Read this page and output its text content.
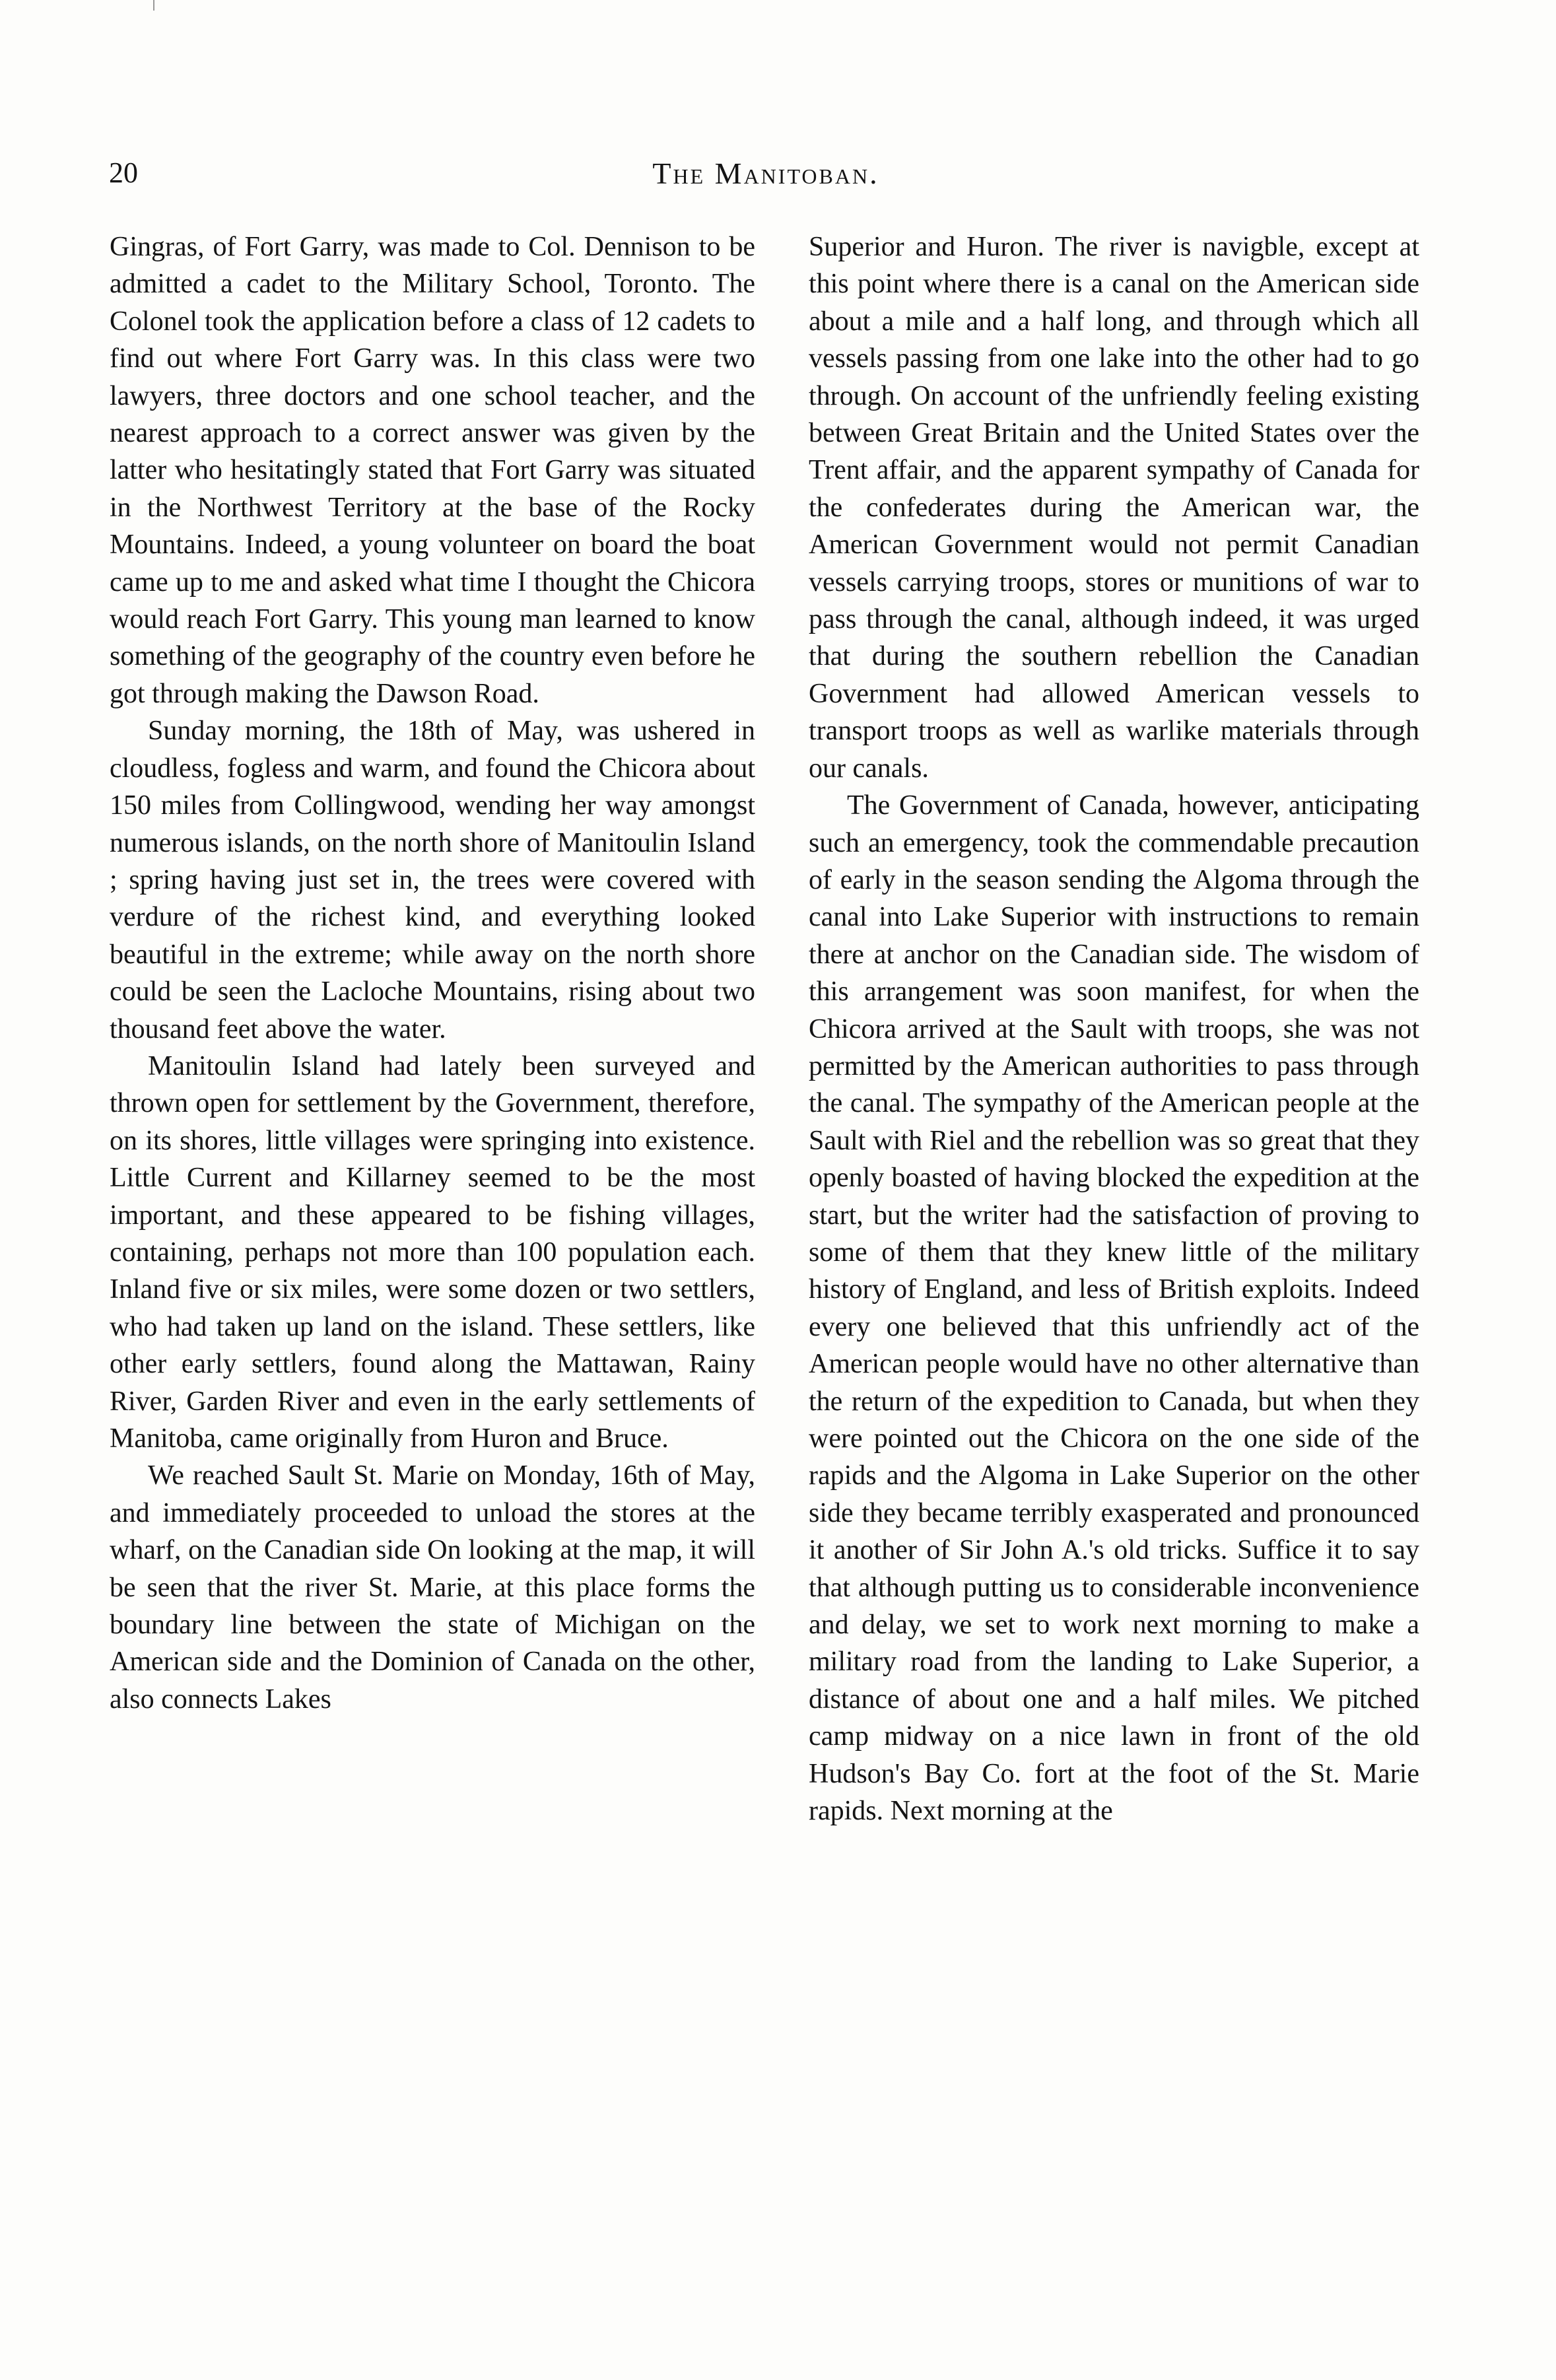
20	The Manitoban.

Gingras, of Fort Garry, was made to Col. Dennison to be admitted a cadet to the Military School, Toronto. The Colonel took the application before a class of 12 cadets to find out where Fort Garry was. In this class were two lawyers, three doctors and one school teacher, and the nearest approach to a correct answer was given by the latter who hesitatingly stated that Fort Garry was situated in the Northwest Territory at the base of the Rocky Mountains. Indeed, a young volunteer on board the boat came up to me and asked what time I thought the Chicora would reach Fort Garry. This young man learned to know something of the geography of the country even before he got through making the Dawson Road.

Sunday morning, the 18th of May, was ushered in cloudless, fogless and warm, and found the Chicora about 150 miles from Collingwood, wending her way amongst numerous islands, on the north shore of Manitoulin Island ; spring having just set in, the trees were covered with verdure of the richest kind, and everything looked beautiful in the extreme; while away on the north shore could be seen the Lacloche Mountains, rising about two thousand feet above the water.

Manitoulin Island had lately been surveyed and thrown open for settlement by the Government, therefore, on its shores, little villages were springing into existence. Little Current and Killarney seemed to be the most important, and these appeared to be fishing villages, containing, perhaps not more than 100 population each. Inland five or six miles, were some dozen or two settlers, who had taken up land on the island. These settlers, like other early settlers, found along the Mattawan, Rainy River, Garden River and even in the early settlements of Manitoba, came originally from Huron and Bruce.

We reached Sault St. Marie on Monday, 16th of May, and immediately proceeded to unload the stores at the wharf, on the Canadian side On looking at the map, it will be seen that the river St. Marie, at this place forms the boundary line between the state of Michigan on the American side and the Dominion of Canada on the other, also connects Lakes

Superior and Huron. The river is navigble, except at this point where there is a canal on the American side about a mile and a half long, and through which all vessels passing from one lake into the other had to go through. On account of the unfriendly feeling existing between Great Britain and the United States over the Trent affair, and the apparent sympathy of Canada for the confederates during the American war, the American Government would not permit Canadian vessels carrying troops, stores or munitions of war to pass through the canal, although indeed, it was urged that during the southern rebellion the Canadian Government had allowed American vessels to transport troops as well as warlike materials through our canals.

The Government of Canada, however, anticipating such an emergency, took the commendable precaution of early in the season sending the Algoma through the canal into Lake Superior with instructions to remain there at anchor on the Canadian side. The wisdom of this arrangement was soon manifest, for when the Chicora arrived at the Sault with troops, she was not permitted by the American authorities to pass through the canal. The sympathy of the American people at the Sault with Riel and the rebellion was so great that they openly boasted of having blocked the expedition at the start, but the writer had the satisfaction of proving to some of them that they knew little of the military history of England, and less of British exploits. Indeed every one believed that this unfriendly act of the American people would have no other alternative than the return of the expedition to Canada, but when they were pointed out the Chicora on the one side of the rapids and the Algoma in Lake Superior on the other side they became terribly exasperated and pronounced it another of Sir John A.'s old tricks. Suffice it to say that although putting us to considerable inconvenience and delay, we set to work next morning to make a military road from the landing to Lake Superior, a distance of about one and a half miles. We pitched camp midway on a nice lawn in front of the old Hudson's Bay Co. fort at the foot of the St. Marie rapids. Next morning at the
